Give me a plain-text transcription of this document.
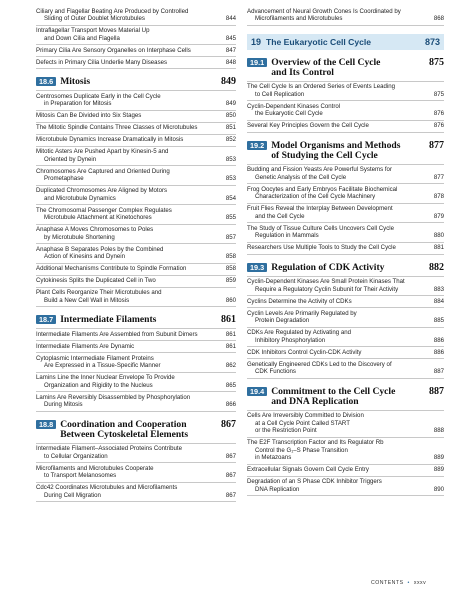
Ciliary and Flagellar Beating Are Produced by Controlled
Sliding of Outer Doublet Microtubules	844
Intraflagellar Transport Moves Material Up
and Down Cilia and Flagella	845
Primary Cilia Are Sensory Organelles on Interphase Cells	847
Defects in Primary Cilia Underlie Many Diseases	848
18.6 Mitosis	849
Centrosomes Duplicate Early in the Cell Cycle
in Preparation for Mitosis	849
Mitosis Can Be Divided into Six Stages	850
The Mitotic Spindle Contains Three Classes of Microtubules	851
Microtubule Dynamics Increase Dramatically in Mitosis	852
Mitotic Asters Are Pushed Apart by Kinesin-5 and
Oriented by Dynein	853
Chromosomes Are Captured and Oriented During
Prometaphase	853
Duplicated Chromosomes Are Aligned by Motors
and Microtubule Dynamics	854
The Chromosomal Passenger Complex Regulates
Microtubule Attachment at Kinetochores	855
Anaphase A Moves Chromosomes to Poles
by Microtubule Shortening	857
Anaphase B Separates Poles by the Combined
Action of Kinesins and Dynein	858
Additional Mechanisms Contribute to Spindle Formation	858
Cytokinesis Splits the Duplicated Cell in Two	859
Plant Cells Reorganize Their Microtubules and
Build a New Cell Wall in Mitosis	860
18.7 Intermediate Filaments	861
Intermediate Filaments Are Assembled from Subunit Dimers	861
Intermediate Filaments Are Dynamic	861
Cytoplasmic Intermediate Filament Proteins
Are Expressed in a Tissue-Specific Manner	862
Lamins Line the Inner Nuclear Envelope To Provide
Organization and Rigidity to the Nucleus	865
Lamins Are Reversibly Disassembled by Phosphorylation
During Mitosis	866
18.8 Coordination and Cooperation
Between Cytoskeletal Elements
867
Intermediate Filament–Associated Proteins Contribute
to Cellular Organization	867
Microfilaments and Microtubules Cooperate
to Transport Melanosomes	867
Cdc42 Coordinates Microtubules and Microfilaments
During Cell Migration	867
Advancement of Neural Growth Cones Is Coordinated by
Microfilaments and Microtubules	868
19 The Eukaryotic Cell Cycle	873
19.1 Overview of the Cell Cycle
and Its Control
875
The Cell Cycle Is an Ordered Series of Events Leading
to Cell Replication	875
Cyclin-Dependent Kinases Control
the Eukaryotic Cell Cycle	876
Several Key Principles Govern the Cell Cycle	876
19.2 Model Organisms and Methods
of Studying the Cell Cycle
877
Budding and Fission Yeasts Are Powerful Systems for
Genetic Analysis of the Cell Cycle	877
Frog Oocytes and Early Embryos Facilitate Biochemical
Characterization of the Cell Cycle Machinery	878
Fruit Flies Reveal the Interplay Between Development
and the Cell Cycle	879
The Study of Tissue Culture Cells Uncovers Cell Cycle
Regulation in Mammals	880
Researchers Use Multiple Tools to Study the Cell Cycle	881
19.3 Regulation of CDK Activity	882
Cyclin-Dependent Kinases Are Small Protein Kinases That
Require a Regulatory Cyclin Subunit for Their Activity	883
Cyclins Determine the Activity of CDKs	884
Cyclin Levels Are Primarily Regulated by
Protein Degradation	885
CDKs Are Regulated by Activating and
Inhibitory Phosphorylation	886
CDK Inhibitors Control Cyclin-CDK Activity	886
Genetically Engineered CDKs Led to the Discovery of
CDK Functions	887
19.4 Commitment to the Cell Cycle
and DNA Replication
887
Cells Are Irreversibly Committed to Division
at a Cell Cycle Point Called START
or the Restriction Point	888
The E2F Transcription Factor and Its Regulator Rb
Control the G₁–S Phase Transition
in Metazoans	889
Extracellular Signals Govern Cell Cycle Entry	889
Degradation of an S Phase CDK Inhibitor Triggers
DNA Replication	890
CONTENTS • xxxv
